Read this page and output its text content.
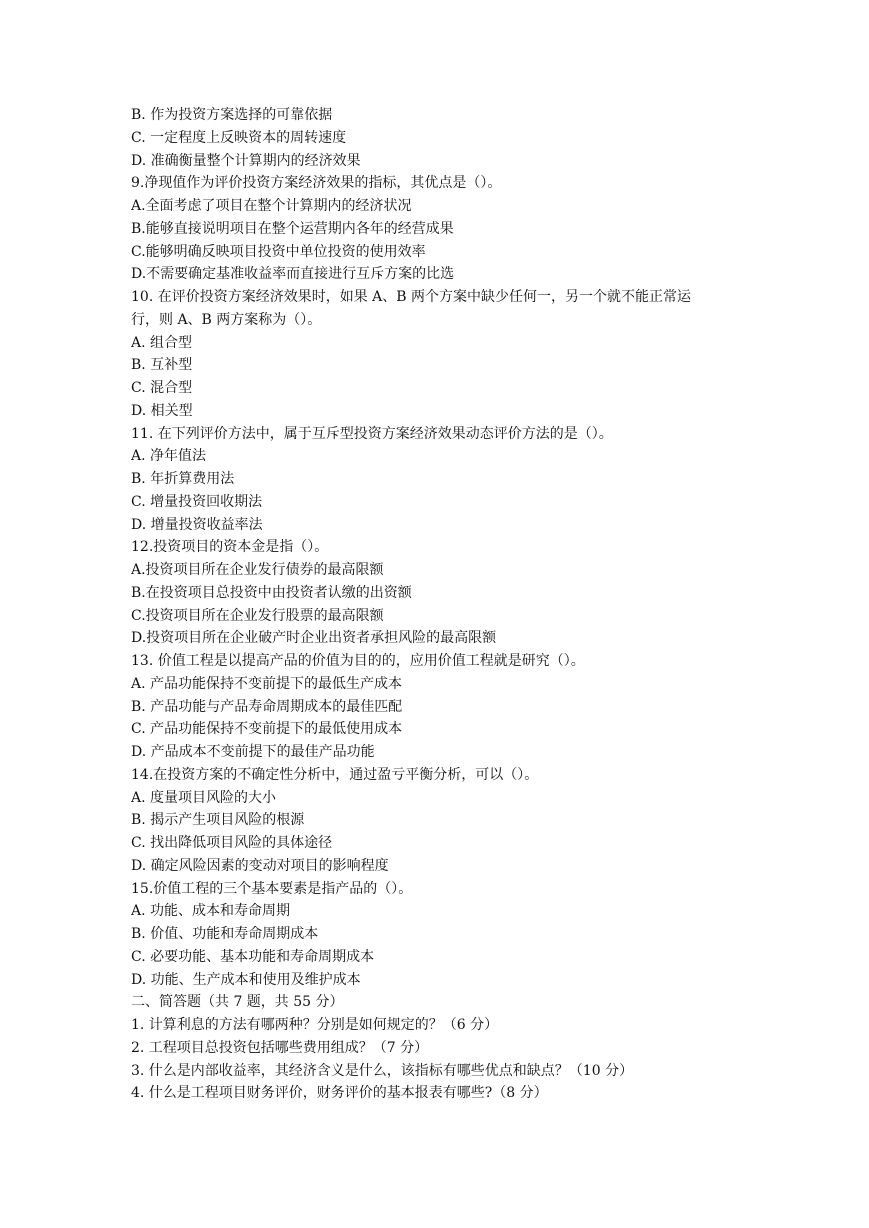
B. 作为投资方案选择的可靠依据
C. 一定程度上反映资本的周转速度
D. 准确衡量整个计算期内的经济效果
9.净现值作为评价投资方案经济效果的指标，其优点是（）。
A.全面考虑了项目在整个计算期内的经济状况
B.能够直接说明项目在整个运营期内各年的经营成果
C.能够明确反映项目投资中单位投资的使用效率
D.不需要确定基准收益率而直接进行互斥方案的比选
10. 在评价投资方案经济效果时，如果 A、B 两个方案中缺少任何一，另一个就不能正常运
行，则 A、B 两方案称为（）。
A. 组合型
B. 互补型
C. 混合型
D. 相关型
11. 在下列评价方法中，属于互斥型投资方案经济效果动态评价方法的是（）。
A. 净年值法
B. 年折算费用法
C. 增量投资回收期法
D. 增量投资收益率法
12.投资项目的资本金是指（）。
A.投资项目所在企业发行债券的最高限额
B.在投资项目总投资中由投资者认缴的出资额
C.投资项目所在企业发行股票的最高限额
D.投资项目所在企业破产时企业出资者承担风险的最高限额
13. 价值工程是以提高产品的价值为目的的，应用价值工程就是研究（）。
A. 产品功能保持不变前提下的最低生产成本
B. 产品功能与产品寿命周期成本的最佳匹配
C. 产品功能保持不变前提下的最低使用成本
D. 产品成本不变前提下的最佳产品功能
14.在投资方案的不确定性分析中，通过盈亏平衡分析，可以（）。
A. 度量项目风险的大小
B. 揭示产生项目风险的根源
C. 找出降低项目风险的具体途径
D. 确定风险因素的变动对项目的影响程度
15.价值工程的三个基本要素是指产品的（）。
A. 功能、成本和寿命周期
B. 价值、功能和寿命周期成本
C. 必要功能、基本功能和寿命周期成本
D. 功能、生产成本和使用及维护成本
二、简答题（共 7 题，共 55 分）
1. 计算利息的方法有哪两种？分别是如何规定的？（6 分）
2. 工程项目总投资包括哪些费用组成？（7 分）
3. 什么是内部收益率，其经济含义是什么，该指标有哪些优点和缺点？（10 分）
4. 什么是工程项目财务评价，财务评价的基本报表有哪些?（8 分）
